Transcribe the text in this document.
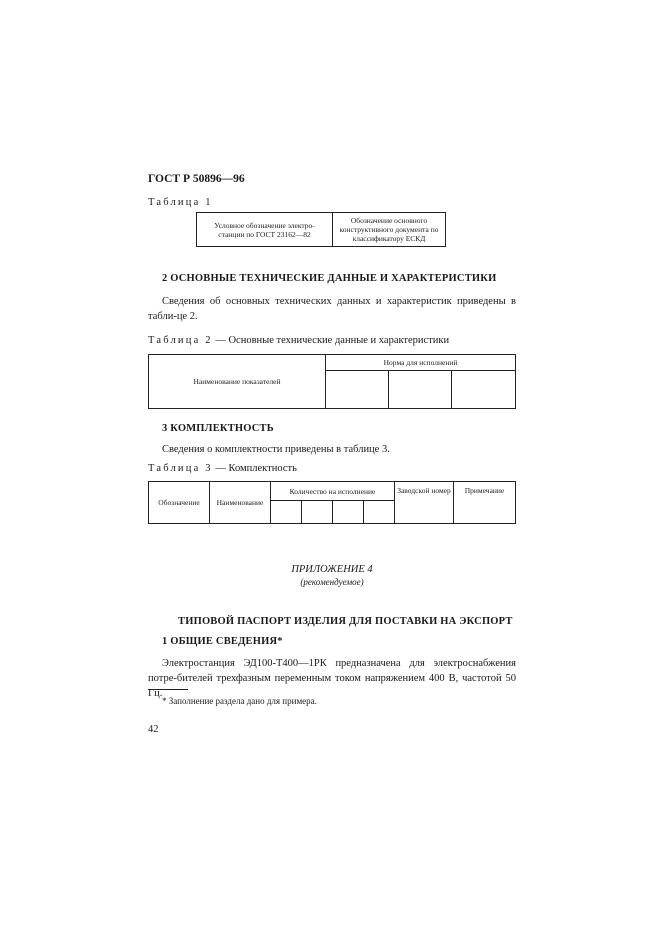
ГОСТ Р 50896—96
Таблица 1
Условное обозначение электро-станции по ГОСТ 23162—82	Обозначение основного конструктивного документа по классификатору ЕСКД
2 ОСНОВНЫЕ ТЕХНИЧЕСКИЕ ДАННЫЕ И ХАРАКТЕРИСТИКИ
Сведения об основных технических данных и характеристик приведены в табли-це 2.
Таблица 2 — Основные технические данные и характеристики
Наименование показателей	Норма для исполнений		

3 КОМПЛЕКТНОСТЬ
Сведения о комплектности приведены в таблице 3.
Таблица 3 — Комплектность
Обозначение	Наименование	Количество на исполнение				Заводской номер	Примечание

ПРИЛОЖЕНИЕ 4
(рекомендуемое)
ТИПОВОЙ ПАСПОРТ ИЗДЕЛИЯ ДЛЯ ПОСТАВКИ НА ЭКСПОРТ
1 ОБЩИЕ СВЕДЕНИЯ*
Электростанция ЭД100-Т400—1РК предназначена для электроснабжения потре-бителей трехфазным переменным током напряжением 400 В, частотой 50 Гц.
* Заполнение раздела дано для примера.
42
